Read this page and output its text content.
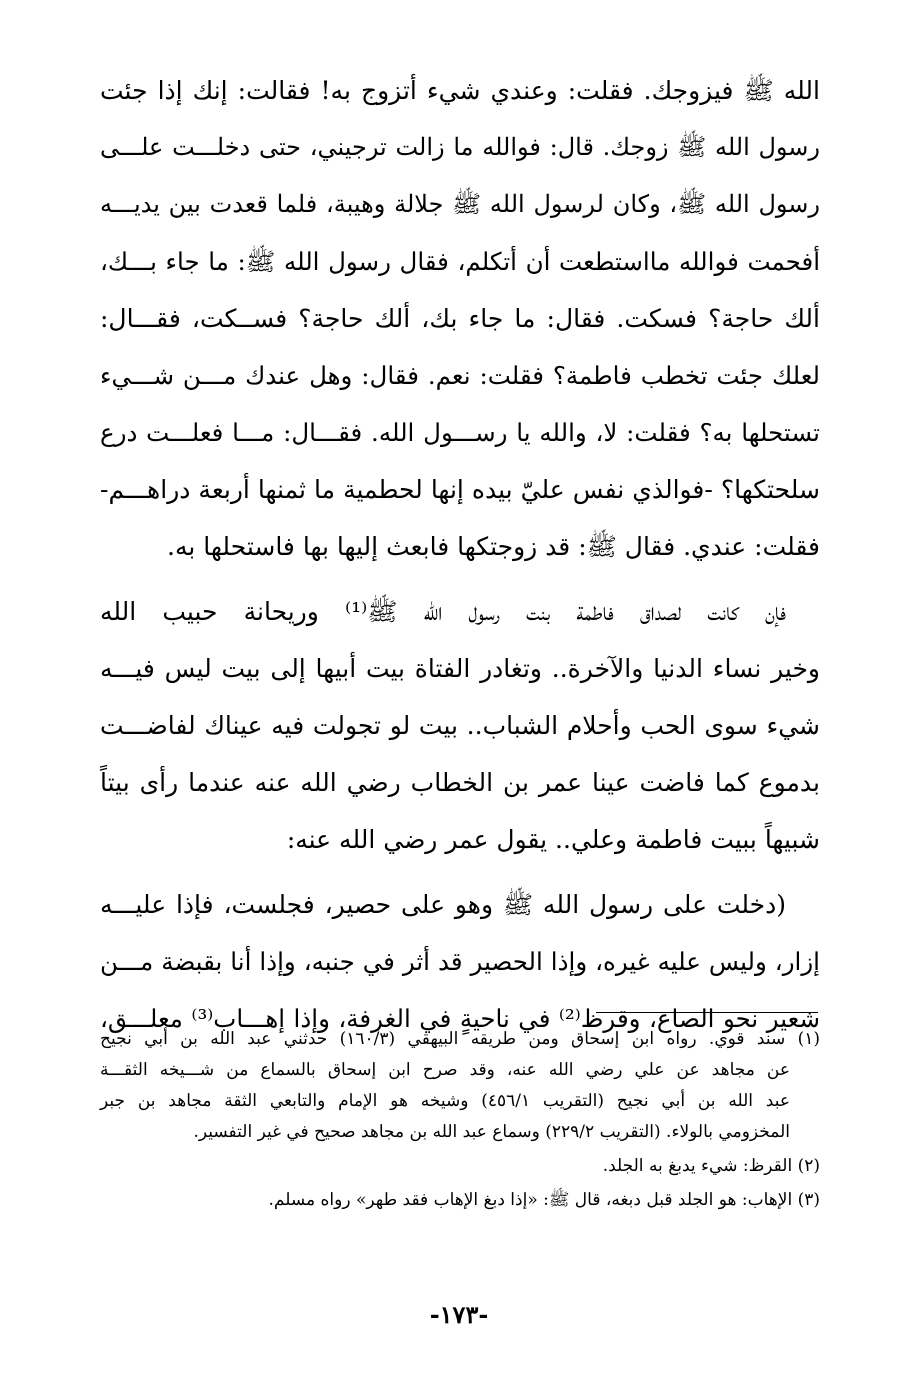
الله ﷺ فيزوجك. فقلت: وعندي شيء أتزوج به! فقالت: إنك إذا جئت
رسول الله ﷺ زوجك. قال: فوالله ما زالت ترجيني، حتى دخلـــت علـــى
رسول الله ﷺ، وكان لرسول الله ﷺ جلالة وهيبة، فلما قعدت بين يديـــه
أفحمت فوالله مااستطعت أن أتكلم، فقال رسول الله ﷺ: ما جاء بـــك،
ألك حاجة؟ فسكت. فقال: ما جاء بك، ألك حاجة؟ فســكت، فقـــال:
لعلك جئت تخطب فاطمة؟ فقلت: نعم. فقال: وهل عندك مـــن شـــيء
تستحلها به؟ فقلت: لا، والله يا رســـول الله. فقـــال: مـــا فعلـــت درع
سلحتكها؟ -فوالذي نفس عليّ بيده إنها لحطمية ما ثمنها أربعة دراهـــم-
فقلت: عندي. فقال ﷺ: قد زوجتكها فابعث إليها بها فاستحلها به.
فإن كانت لصداق فاطمة بنت رسول الله ﷺ⁽¹⁾ وريحانة حبيب الله
وخير نساء الدنيا والآخرة.. وتغادر الفتاة بيت أبيها إلى بيت ليس فيـــه
شيء سوى الحب وأحلام الشباب.. بيت لو تجولت فيه عيناك لفاضـــت
بدموع كما فاضت عينا عمر بن الخطاب رضي الله عنه عندما رأى بيتاً
شبيهاً ببيت فاطمة وعلي.. يقول عمر رضي الله عنه:
(دخلت على رسول الله ﷺ وهو على حصير، فجلست، فإذا عليـــه
إزار، وليس عليه غيره، وإذا الحصير قد أثر في جنبه، وإذا أنا بقبضة مـــن
شعير نحو الصاع، وقرظ⁽²⁾ في ناحيةٍ في الغرفة، وإذا إهـــاب⁽³⁾ معلـــق،
(١) سند قوي. رواه ابن إسحاق ومن طريقه البيهقي (١٦٠/٣) حدثني عبد الله بن أبي نجيح
عن مجاهد عن علي رضي الله عنه، وقد صرح ابن إسحاق بالسماع من شـــيخه الثقـــة
عبد الله بن أبي نجيح (التقريب ٤٥٦/١) وشيخه هو الإمام والتابعي الثقة مجاهد بن جبر
المخزومي بالولاء. (التقريب ٢٢٩/٢) وسماع عبد الله بن مجاهد صحيح في غير التفسير.
(٢) القرظ: شيء يدبغ به الجلد.
(٣) الإهاب: هو الجلد قبل دبغه، قال ﷺ: «إذا دبغ الإهاب فقد طهر» رواه مسلم.
-١٧٣-
